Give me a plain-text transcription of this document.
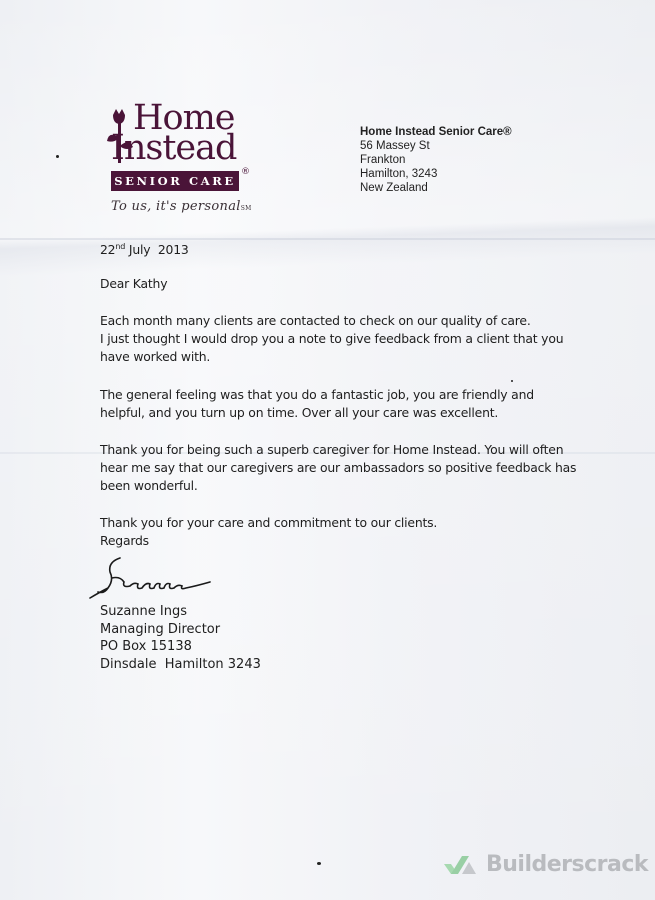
Home
Instead
SENIOR CARE
®
To us, it's personalSM
Home Instead Senior Care®
56 Massey St
Frankton
Hamilton, 3243
New Zealand
22nd July  2013
Dear Kathy
Each month many clients are contacted to check on our quality of care.
I just thought I would drop you a note to give feedback from a client that you
have worked with.
The general feeling was that you do a fantastic job, you are friendly and
helpful, and you turn up on time. Over all your care was excellent.
Thank you for being such a superb caregiver for Home Instead. You will often
hear me say that our caregivers are our ambassadors so positive feedback has
been wonderful.
Thank you for your care and commitment to our clients.
Regards
Suzanne Ings
Managing Director
PO Box 15138
Dinsdale  Hamilton 3243
Builderscrack
